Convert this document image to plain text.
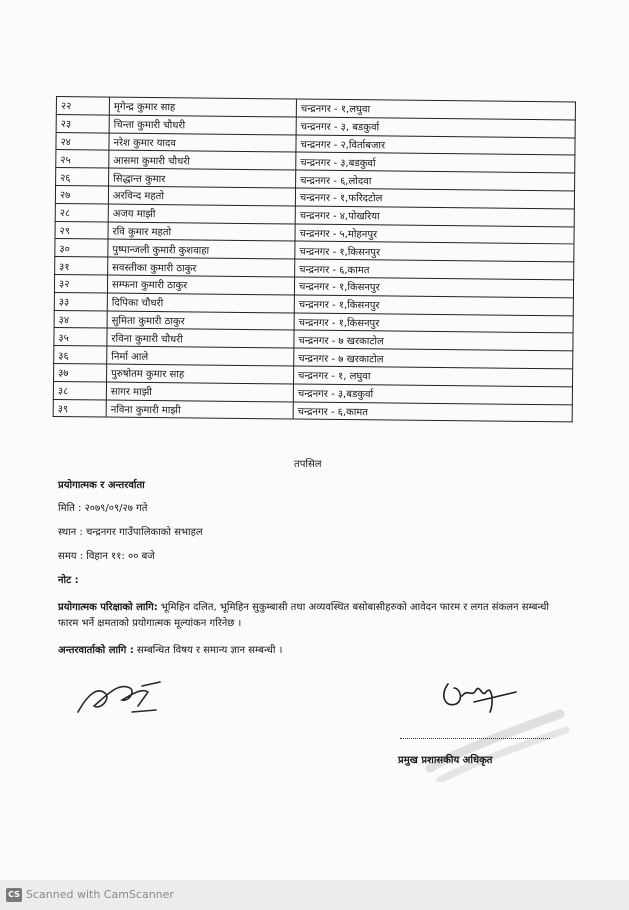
२२	मृगेन्द्र कुमार साह	चन्द्रनगर - १,लघुवा
२३	चिन्ता कुमारी चौधरी	चन्द्रनगर - ३, बडकुर्वा
२४	नरेश कुमार यादव	चन्द्रनगर - २,विर्ताबजार
२५	आसमा कुमारी चौधरी	चन्द्रनगर - ३,बडकुर्वा
२६	सिद्धान्त कुमार	चन्द्रनगर - ६,लोदवा
२७	अरविन्द महतो	चन्द्रनगर - १,फरिदटोल
२८	अजय माझी	चन्द्रनगर - ४,पोखरिया
२९	रवि कुमार महतो	चन्द्रनगर - ५,मोहनपुर
३०	पुष्पान्जली कुमारी कुशवाहा	चन्द्रनगर - १,किसनपुर
३१	सवस्तीका कुमारी ठाकुर	चन्द्रनगर - ६,कामत
३२	सम्फना कुमारी ठाकुर	चन्द्रनगर - १,किसनपुर
३३	दिपिका चौधरी	चन्द्रनगर - १,किसनपुर
३४	सुमिता कुमारी ठाकुर	चन्द्रनगर - १,किसनपुर
३५	रविना कुमारी चौधरी	चन्द्रनगर - ७ खरकाटोल
३६	निर्मा आले	चन्द्रनगर - ७ खरकाटोल
३७	पुरुषोतम कुमार साह	चन्द्रनगर - १, लघुवा
३८	सागर माझी	चन्द्रनगर - ३,बडकुर्वा
३९	नविना कुमारी माझी	चन्द्रनगर - ६,कामत
तपसिल
प्रयोगात्मक र अन्तरर्वाता
मिति : २०७९/०९/२७ गते
स्थान : चन्द्रनगर गाउँपालिकाको सभाहल
समय : विहान ११: ०० बजे
नोट :
प्रयोगात्मक परिक्षाको लागि: भूमिहिन दलित, भूमिहिन सुकुम्बासी तथा अव्यवस्थित बसोबासीहरुको आवेदन फारम र लगत संकलन सम्बन्धी फारम भर्ने क्षमताको प्रयोगात्मक मूल्यांकन गरिनेछ ।
अन्तरवार्ताको लागि : सम्बन्धित विषय र समान्य ज्ञान सम्बन्धी ।
प्रमुख प्रशासकीय अधिकृत
CS Scanned with CamScanner
